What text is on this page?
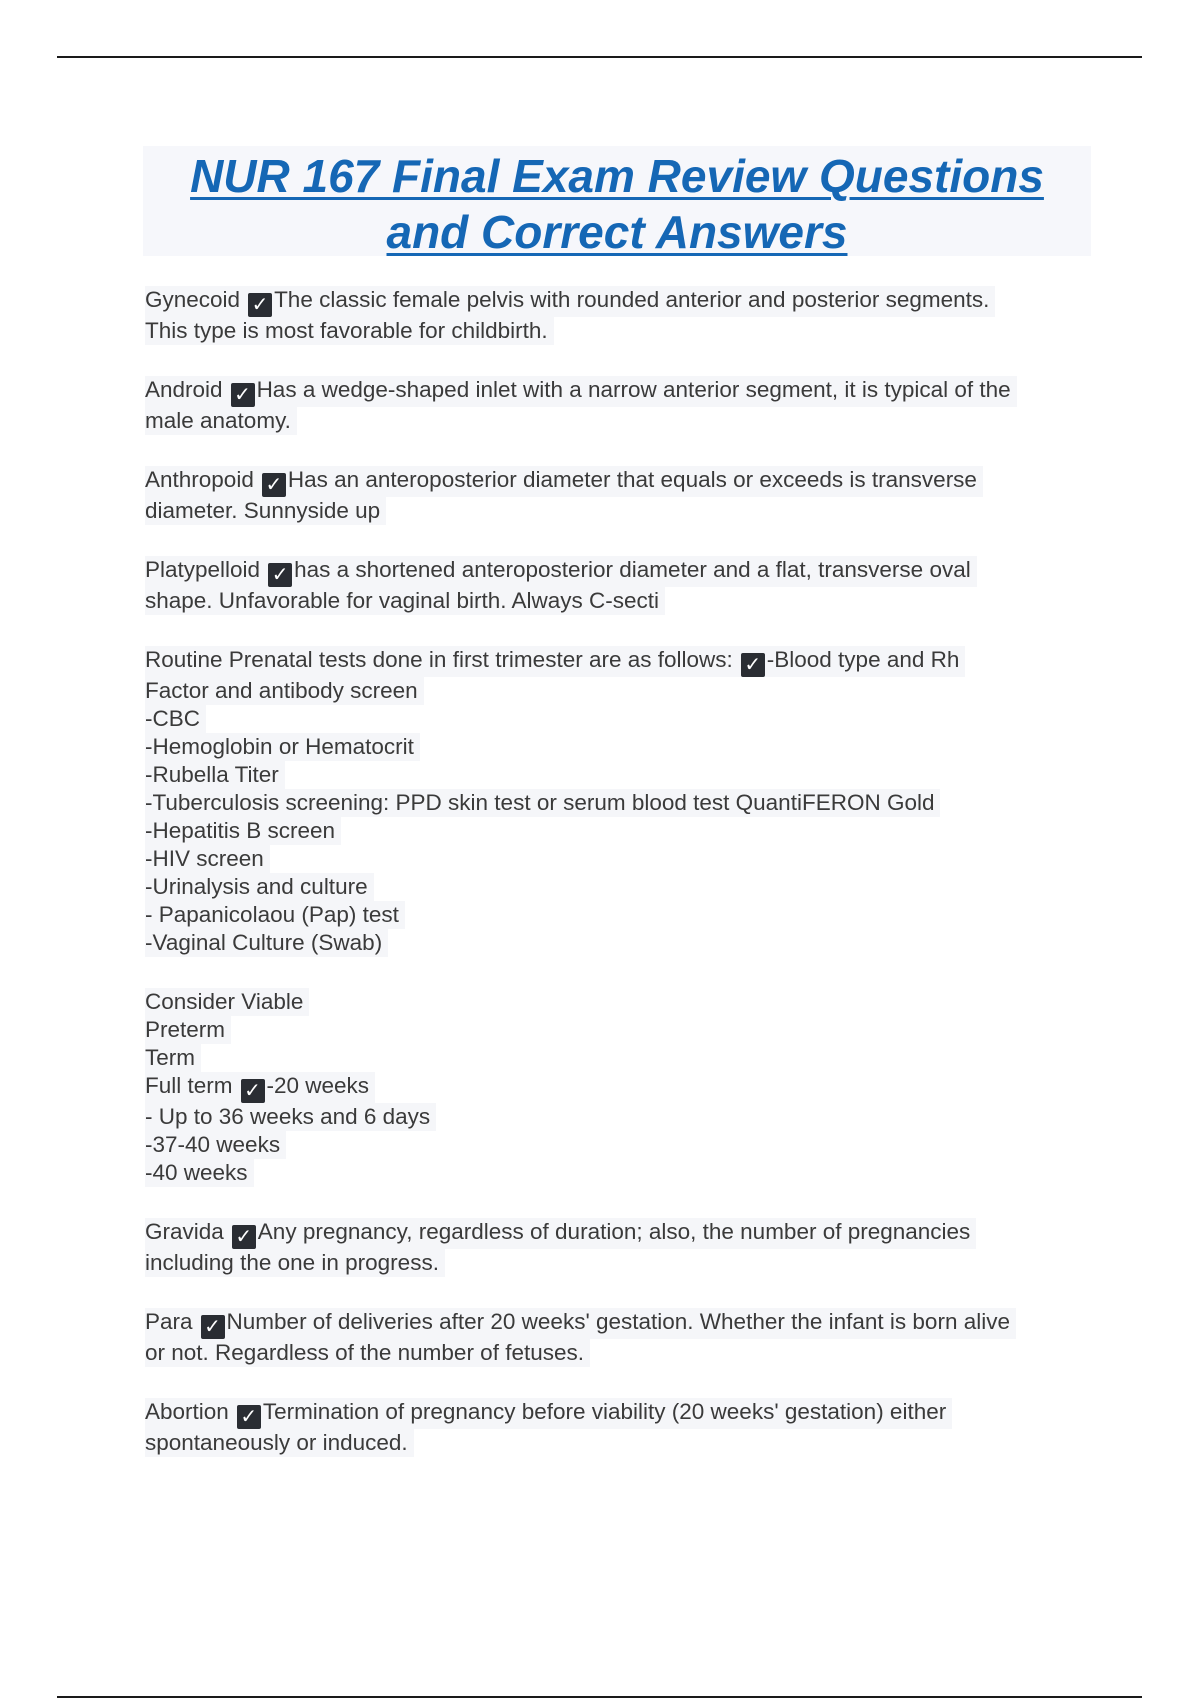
NUR 167 Final Exam Review Questions
and Correct Answers
Gynecoid ✓ The classic female pelvis with rounded anterior and posterior segments.
This type is most favorable for childbirth.
Android ✓ Has a wedge-shaped inlet with a narrow anterior segment, it is typical of the
male anatomy.
Anthropoid ✓ Has an anteroposterior diameter that equals or exceeds is transverse
diameter. Sunnyside up
Platypelloid ✓ has a shortened anteroposterior diameter and a flat, transverse oval
shape. Unfavorable for vaginal birth. Always C-secti
Routine Prenatal tests done in first trimester are as follows: ✓ -Blood type and Rh
Factor and antibody screen
-CBC
-Hemoglobin or Hematocrit
-Rubella Titer
-Tuberculosis screening: PPD skin test or serum blood test QuantiFERON Gold
-Hepatitis B screen
-HIV screen
-Urinalysis and culture
- Papanicolaou (Pap) test
-Vaginal Culture (Swab)
Consider Viable
Preterm
Term
Full term ✓ -20 weeks
- Up to 36 weeks and 6 days
-37-40 weeks
-40 weeks
Gravida ✓ Any pregnancy, regardless of duration; also, the number of pregnancies
including the one in progress.
Para ✓ Number of deliveries after 20 weeks' gestation. Whether the infant is born alive
or not. Regardless of the number of fetuses.
Abortion ✓ Termination of pregnancy before viability (20 weeks' gestation) either
spontaneously or induced.
